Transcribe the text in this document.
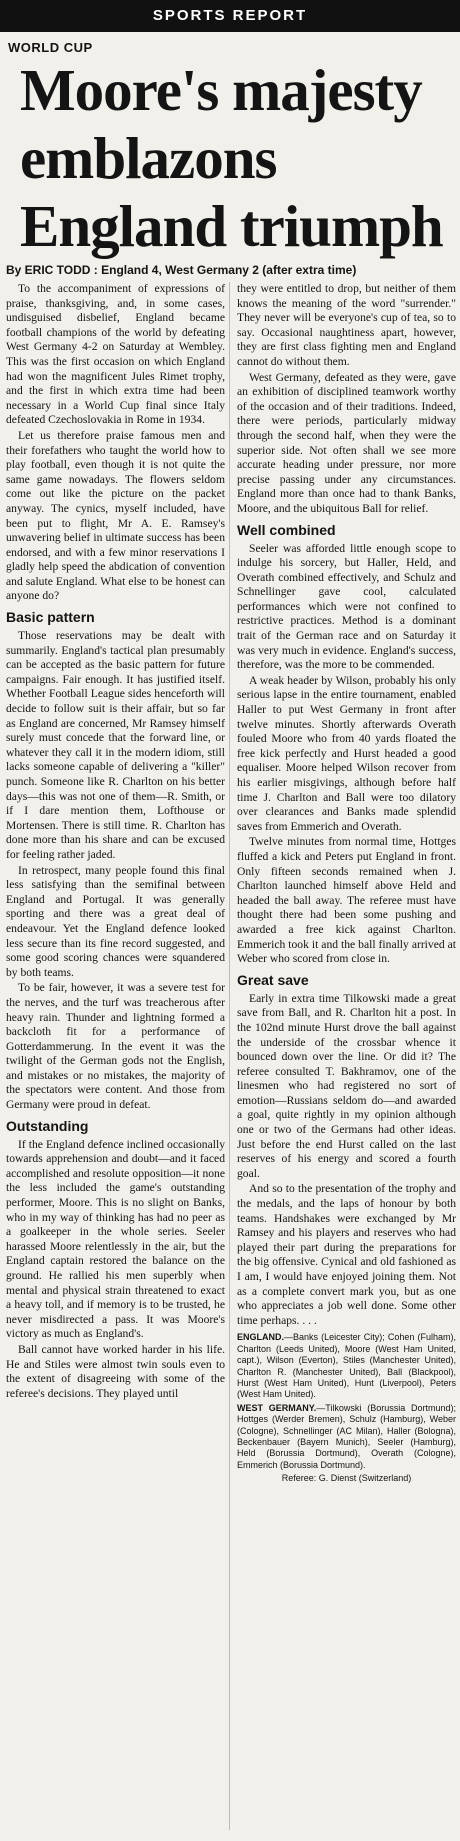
SPORTS REPORT
WORLD CUP
Moore's majesty
emblazons
England triumph
By ERIC TODD : England 4, West Germany 2 (after extra time)

To the accompaniment of expressions of praise, thanksgiving, and, in some cases, undisguised disbelief, England became football champions of the world by defeating West Germany 4-2 on Saturday at Wembley. This was the first occasion on which England had won the magnificent Jules Rimet trophy, and the first in which extra time had been necessary in a World Cup final since Italy defeated Czechoslovakia in Rome in 1934.

Let us therefore praise famous men and their forefathers who taught the world how to play football, even though it is not quite the same game nowadays. The flowers seldom come out like the picture on the packet anyway. The cynics, myself included, have been put to flight, Mr A. E. Ramsey's unwavering belief in ultimate success has been endorsed, and with a few minor reservations I gladly help speed the abdication of convention and salute England. What else to be honest can anyone do?

Basic pattern

Those reservations may be dealt with summarily. England's tactical plan presumably can be accepted as the basic pattern for future campaigns. Fair enough. It has justified itself. Whether Football League sides henceforth will decide to follow suit is their affair, but so far as England are concerned, Mr Ramsey himself surely must concede that the forward line, or whatever they call it in the modern idiom, still lacks someone capable of delivering a "killer" punch. Someone like R. Charlton on his better days—this was not one of them—R. Smith, or if I dare mention them, Lofthouse or Mortensen. There is still time. R. Charlton has done more than his share and can be excused for feeling rather jaded.

In retrospect, many people found this final less satisfying than the semifinal between England and Portugal. It was generally sporting and there was a great deal of endeavour. Yet the England defence looked less secure than its fine record suggested, and some good scoring chances were squandered by both teams.

To be fair, however, it was a severe test for the nerves, and the turf was treacherous after heavy rain. Thunder and lightning formed a backcloth fit for a performance of Gotterdammerung. In the event it was the twilight of the German gods not the English, and mistakes or no mistakes, the majority of the spectators were content. And those from Germany were proud in defeat.

Outstanding

If the England defence inclined occasionally towards apprehension and doubt—and it faced accomplished and resolute opposition—it none the less included the game's outstanding performer, Moore. This is no slight on Banks, who in my way of thinking has had no peer as a goalkeeper in the whole series. Seeler harassed Moore relentlessly in the air, but the England captain restored the balance on the ground. He rallied his men superbly when mental and physical strain threatened to exact a heavy toll, and if memory is to be trusted, he never misdirected a pass. It was Moore's victory as much as England's.

Ball cannot have worked harder in his life. He and Stiles were almost twin souls even to the extent of disagreeing with some of the referee's decisions. They played until

they were entitled to drop, but neither of them knows the meaning of the word "surrender." They never will be everyone's cup of tea, so to say. Occasional naughtiness apart, however, they are first class fighting men and England cannot do without them.

West Germany, defeated as they were, gave an exhibition of disciplined teamwork worthy of the occasion and of their traditions. Indeed, there were periods, particularly midway through the second half, when they were the superior side. Not often shall we see more accurate heading under pressure, nor more precise passing under any circumstances. England more than once had to thank Banks, Moore, and the ubiquitous Ball for relief.

Well combined

Seeler was afforded little enough scope to indulge his sorcery, but Haller, Held, and Overath combined effectively, and Schulz and Schnellinger gave cool, calculated performances which were not confined to restrictive practices. Method is a dominant trait of the German race and on Saturday it was very much in evidence. England's success, therefore, was the more to be commended.

A weak header by Wilson, probably his only serious lapse in the entire tournament, enabled Haller to put West Germany in front after twelve minutes. Shortly afterwards Overath fouled Moore who from 40 yards floated the free kick perfectly and Hurst headed a good equaliser. Moore helped Wilson recover from his earlier misgivings, although before half time J. Charlton and Ball were too dilatory over clearances and Banks made splendid saves from Emmerich and Overath.

Twelve minutes from normal time, Hottges fluffed a kick and Peters put England in front. Only fifteen seconds remained when J. Charlton launched himself above Held and headed the ball away. The referee must have thought there had been some pushing and awarded a free kick against Charlton. Emmerich took it and the ball finally arrived at Weber who scored from close in.

Great save

Early in extra time Tilkowski made a great save from Ball, and R. Charlton hit a post. In the 102nd minute Hurst drove the ball against the underside of the crossbar whence it bounced down over the line. Or did it? The referee consulted T. Bakhramov, one of the linesmen who had registered no sort of emotion—Russians seldom do—and awarded a goal, quite rightly in my opinion although one or two of the Germans had other ideas. Just before the end Hurst called on the last reserves of his energy and scored a fourth goal.

And so to the presentation of the trophy and the medals, and the laps of honour by both teams. Handshakes were exchanged by Mr Ramsey and his players and reserves who had played their part during the preparations for the big offensive. Cynical and old fashioned as I am, I would have enjoyed joining them. Not as a complete convert mark you, but as one who appreciates a job well done. Some other time perhaps. . . .

ENGLAND.—Banks (Leicester City); Cohen (Fulham), Charlton (Leeds United), Moore (West Ham United, capt.), Wilson (Everton), Stiles (Manchester United), Charlton R. (Manchester United), Ball (Blackpool), Hurst (West Ham United), Hunt (Liverpool), Peters (West Ham United).

WEST GERMANY.—Tilkowski (Borussia Dortmund); Hottges (Werder Bremen), Schulz (Hamburg), Weber (Cologne), Schnellinger (AC Milan), Haller (Bologna), Beckenbauer (Bayern Munich), Seeler (Hamburg), Held (Borussia Dortmund), Overath (Cologne), Emmerich (Borussia Dortmund).

Referee: G. Dienst (Switzerland)
